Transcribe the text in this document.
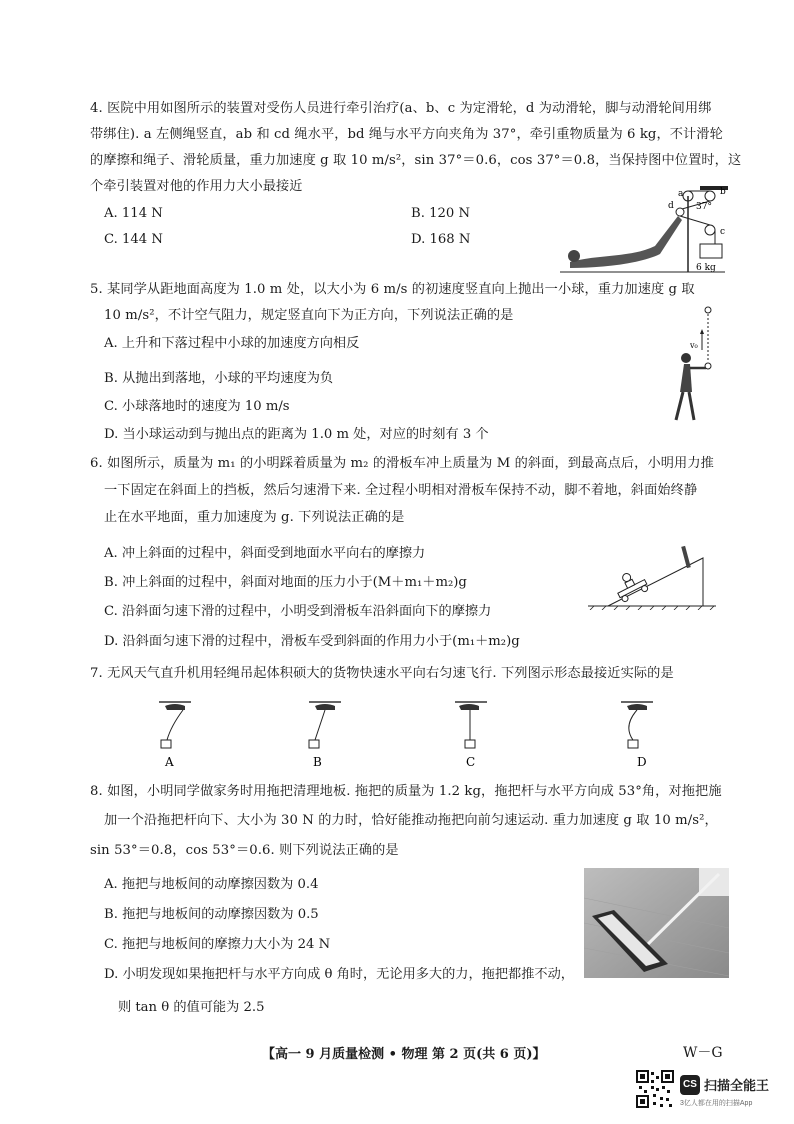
4. 医院中用如图所示的装置对受伤人员进行牵引治疗(a、b、c 为定滑轮，d 为动滑轮，脚与动滑轮间用绑
带绑住). a 左侧绳竖直，ab 和 cd 绳水平，bd 绳与水平方向夹角为 37°，牵引重物质量为 6 kg，不计滑轮
的摩擦和绳子、滑轮质量，重力加速度 g 取 10 m/s²，sin 37°＝0.6，cos 37°＝0.8，当保持图中位置时，这
个牵引装置对他的作用力大小最接近
A. 114 N	B. 120 N
C. 144 N	D. 168 N
a	b
c
d 37°
6 kg
5. 某同学从距地面高度为 1.0 m 处，以大小为 6 m/s 的初速度竖直向上抛出一小球，重力加速度 g 取
10 m/s²，不计空气阻力，规定竖直向下为正方向，下列说法正确的是
A. 上升和下落过程中小球的加速度方向相反
B. 从抛出到落地，小球的平均速度为负
C. 小球落地时的速度为 10 m/s
D. 当小球运动到与抛出点的距离为 1.0 m 处，对应的时刻有 3 个
v₀
6. 如图所示，质量为 m₁ 的小明踩着质量为 m₂ 的滑板车冲上质量为 M 的斜面，到最高点后，小明用力推
一下固定在斜面上的挡板，然后匀速滑下来. 全过程小明相对滑板车保持不动，脚不着地，斜面始终静
止在水平地面，重力加速度为 g. 下列说法正确的是
A. 冲上斜面的过程中，斜面受到地面水平向右的摩擦力
B. 冲上斜面的过程中，斜面对地面的压力小于(M＋m₁＋m₂)g
C. 沿斜面匀速下滑的过程中，小明受到滑板车沿斜面向下的摩擦力
D. 沿斜面匀速下滑的过程中，滑板车受到斜面的作用力小于(m₁＋m₂)g
7. 无风天气直升机用轻绳吊起体积硕大的货物快速水平向右匀速飞行. 下列图示形态最接近实际的是
A	B	C	D
8. 如图，小明同学做家务时用拖把清理地板. 拖把的质量为 1.2 kg，拖把杆与水平方向成 53°角，对拖把施
加一个沿拖把杆向下、大小为 30 N 的力时，恰好能推动拖把向前匀速运动. 重力加速度 g 取 10 m/s²，
sin 53°＝0.8，cos 53°＝0.6. 则下列说法正确的是
A. 拖把与地板间的动摩擦因数为 0.4
B. 拖把与地板间的动摩擦因数为 0.5
C. 拖把与地板间的摩擦力大小为 24 N
D. 小明发现如果拖把杆与水平方向成 θ 角时，无论用多大的力，拖把都推不动，
则 tan θ 的值可能为 2.5
【高一 9 月质量检测 • 物理 第 2 页(共 6 页)】	W－G
CS 扫描全能王
3亿人都在用的扫描App
